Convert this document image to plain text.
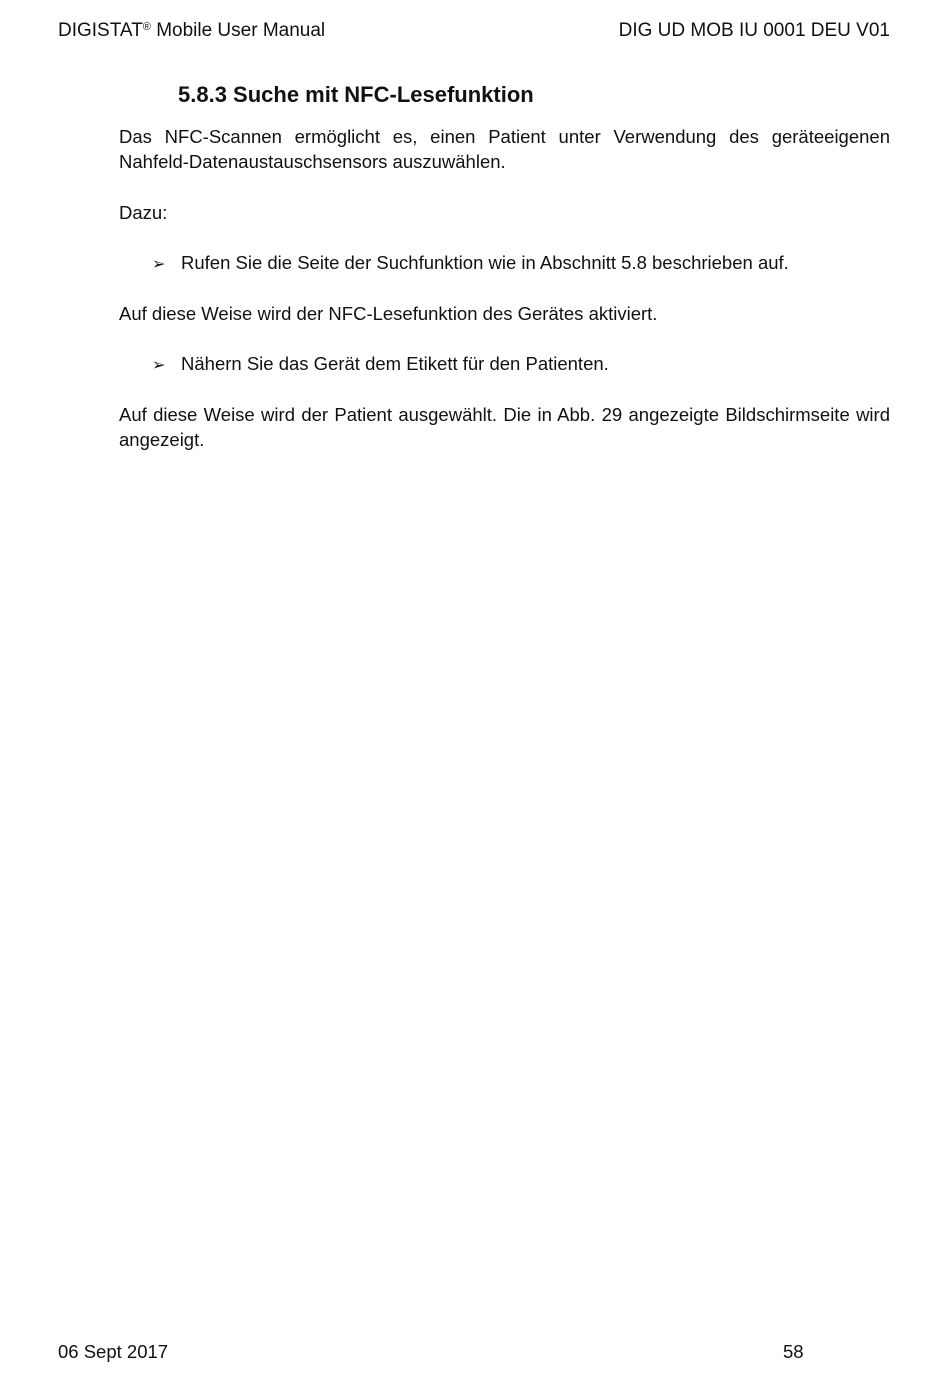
DIGISTAT® Mobile User Manual	DIG UD MOB IU 0001 DEU V01
5.8.3 Suche mit NFC-Lesefunktion

Das NFC-Scannen ermöglicht es, einen Patient unter Verwendung des geräteeigenen Nahfeld-Datenaustauschsensors auszuwählen.

Dazu:

➢ Rufen Sie die Seite der Suchfunktion wie in Abschnitt 5.8 beschrieben auf.

Auf diese Weise wird der NFC-Lesefunktion des Gerätes aktiviert.

➢ Nähern Sie das Gerät dem Etikett für den Patienten.

Auf diese Weise wird der Patient ausgewählt. Die in Abb. 29 angezeigte Bildschirmseite wird angezeigt.

06 Sept 2017	58
